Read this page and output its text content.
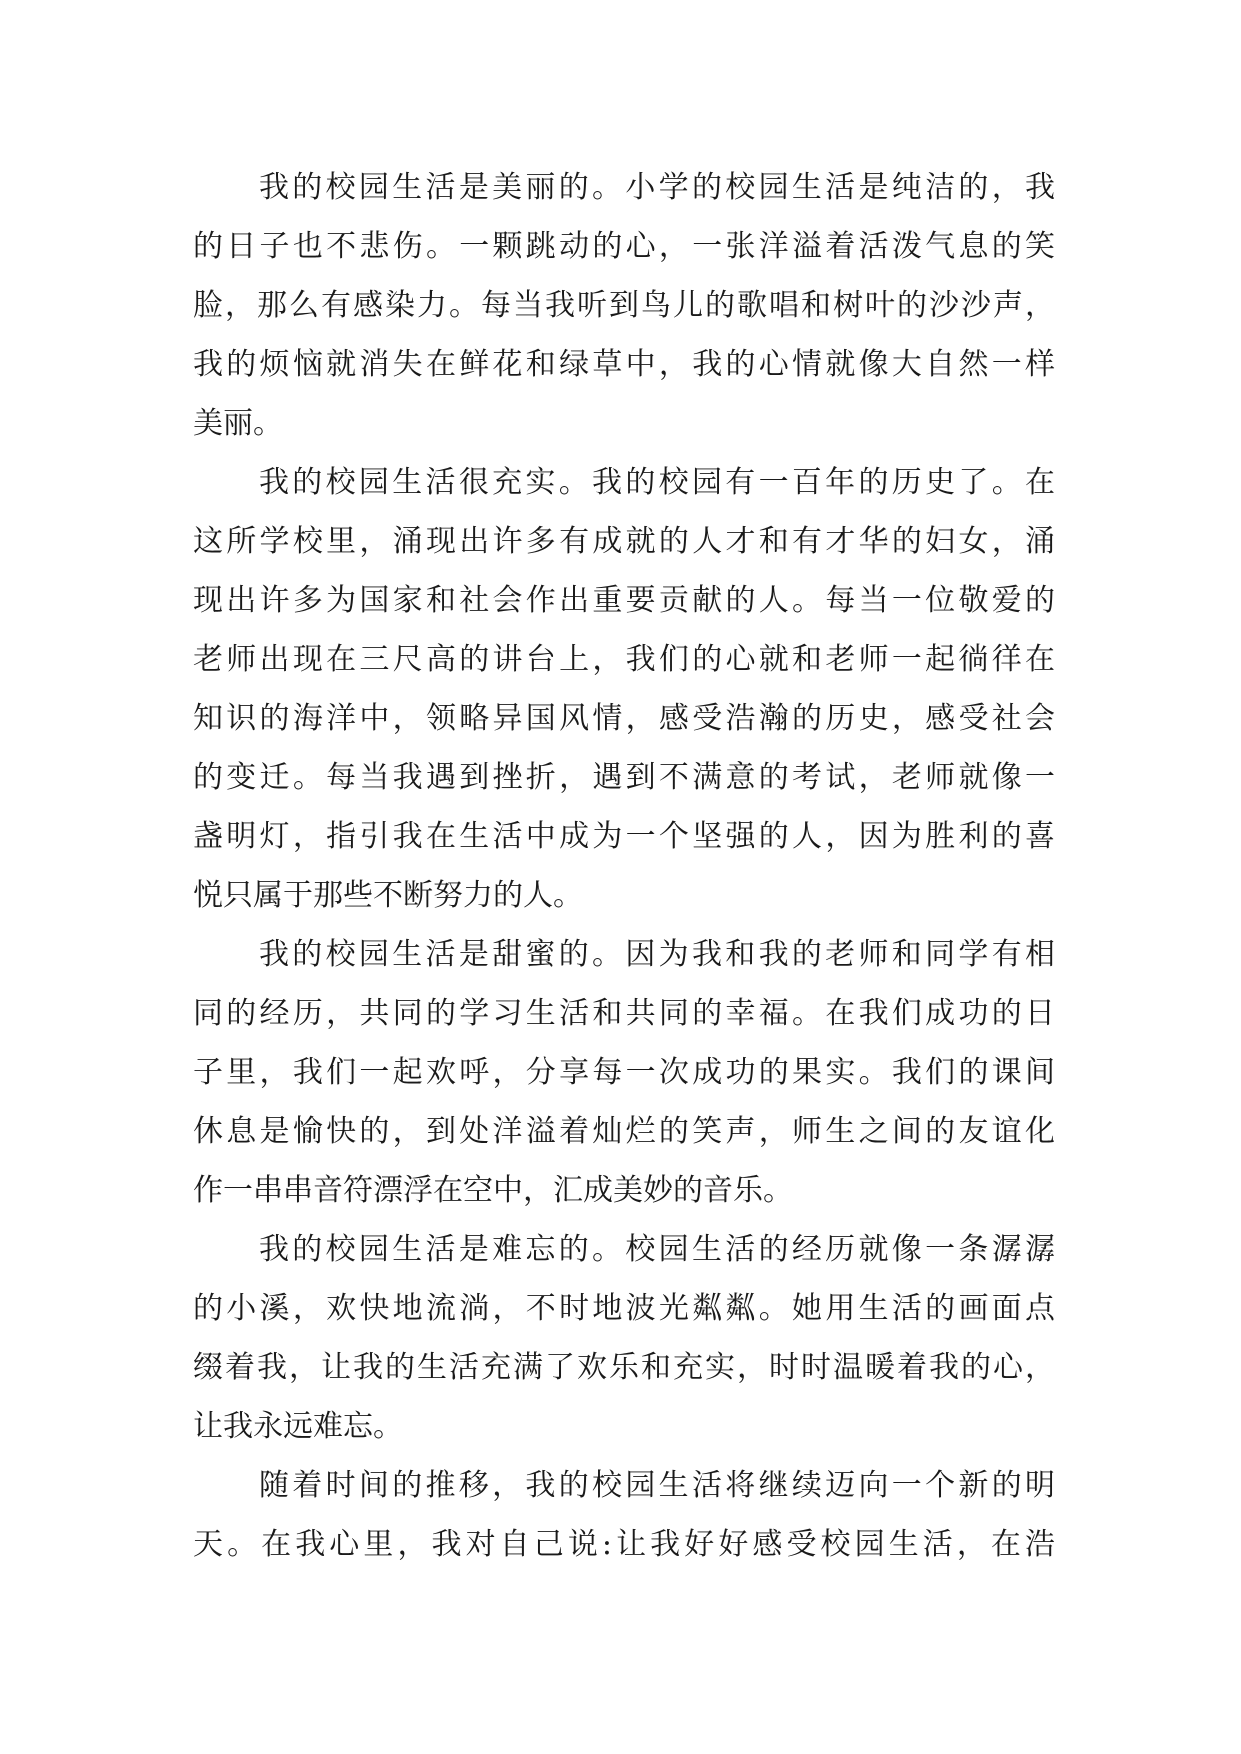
我的校园生活是美丽的。小学的校园生活是纯洁的，我
的日子也不悲伤。一颗跳动的心，一张洋溢着活泼气息的笑
脸，那么有感染力。每当我听到鸟儿的歌唱和树叶的沙沙声，
我的烦恼就消失在鲜花和绿草中，我的心情就像大自然一样
美丽。
我的校园生活很充实。我的校园有一百年的历史了。在
这所学校里，涌现出许多有成就的人才和有才华的妇女，涌
现出许多为国家和社会作出重要贡献的人。每当一位敬爱的
老师出现在三尺高的讲台上，我们的心就和老师一起徜徉在
知识的海洋中，领略异国风情，感受浩瀚的历史，感受社会
的变迁。每当我遇到挫折，遇到不满意的考试，老师就像一
盏明灯，指引我在生活中成为一个坚强的人，因为胜利的喜
悦只属于那些不断努力的人。
我的校园生活是甜蜜的。因为我和我的老师和同学有相
同的经历，共同的学习生活和共同的幸福。在我们成功的日
子里，我们一起欢呼，分享每一次成功的果实。我们的课间
休息是愉快的，到处洋溢着灿烂的笑声，师生之间的友谊化
作一串串音符漂浮在空中，汇成美妙的音乐。
我的校园生活是难忘的。校园生活的经历就像一条潺潺
的小溪，欢快地流淌，不时地波光粼粼。她用生活的画面点
缀着我，让我的生活充满了欢乐和充实，时时温暖着我的心，
让我永远难忘。
随着时间的推移，我的校园生活将继续迈向一个新的明
天。在我心里，我对自己说:让我好好感受校园生活，在浩
